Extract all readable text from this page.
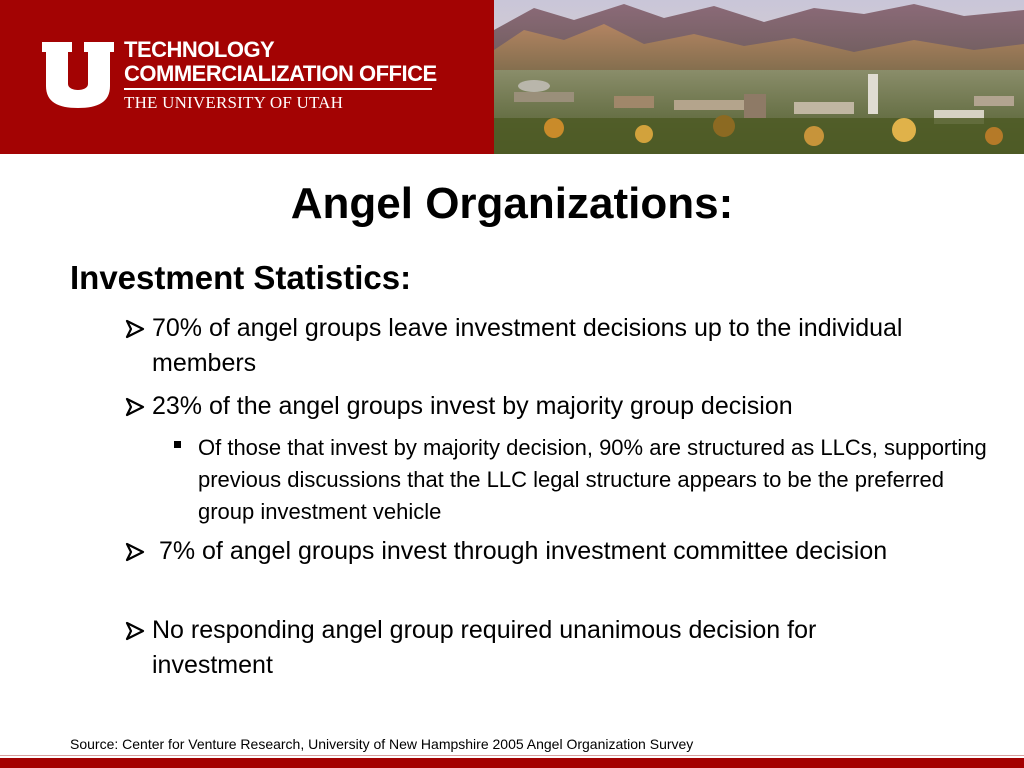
TECHNOLOGY
COMMERCIALIZATION OFFICE
THE UNIVERSITY OF UTAH
Angel Organizations:
Investment Statistics:
70% of angel groups leave investment decisions up to the individual members
23% of the angel groups invest by majority group decision
Of those that invest by majority decision, 90% are structured as LLCs, supporting previous discussions that the LLC legal structure appears to be the preferred group investment vehicle
7% of angel groups invest through investment committee decision
No responding angel group required unanimous decision for investment
Source: Center for Venture Research, University of New Hampshire 2005 Angel Organization Survey
